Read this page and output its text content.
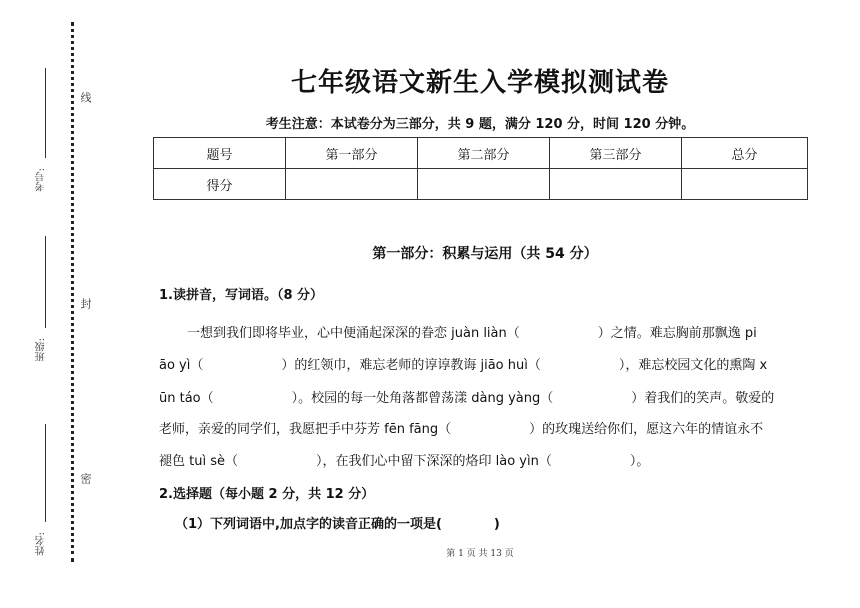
线
封
密
考号:
班级:
姓名:
七年级语文新生入学模拟测试卷
考生注意：本试卷分为三部分，共 9 题，满分 120 分，时间 120 分钟。
题号	第一部分	第二部分	第三部分	总分
得分				
第一部分：积累与运用（共 54 分）
1.读拼音，写词语。（8 分）
一想到我们即将毕业，心中便涌起深深的眷恋 juàn liàn（　　　　　　）之情。难忘胸前那飘逸 pi
āo yì（　　　　　　）的红领巾，难忘老师的谆谆教诲 jiāo huì（　　　　　　），难忘校园文化的熏陶 x
ūn táo（　　　　　　）。校园的每一处角落都曾荡漾 dàng yàng（　　　　　　）着我们的笑声。敬爱的
老师，亲爱的同学们，我愿把手中芬芳 fēn fāng（　　　　　　）的玫瑰送给你们，愿这六年的情谊永不
褪色 tuì sè（　　　　　　），在我们心中留下深深的烙印 lào yìn（　　　　　　）。
2.选择题（每小题 2 分，共 12 分）
（1）下列词语中,加点字的读音正确的一项是(　　　　)
第 1 页 共 13 页
